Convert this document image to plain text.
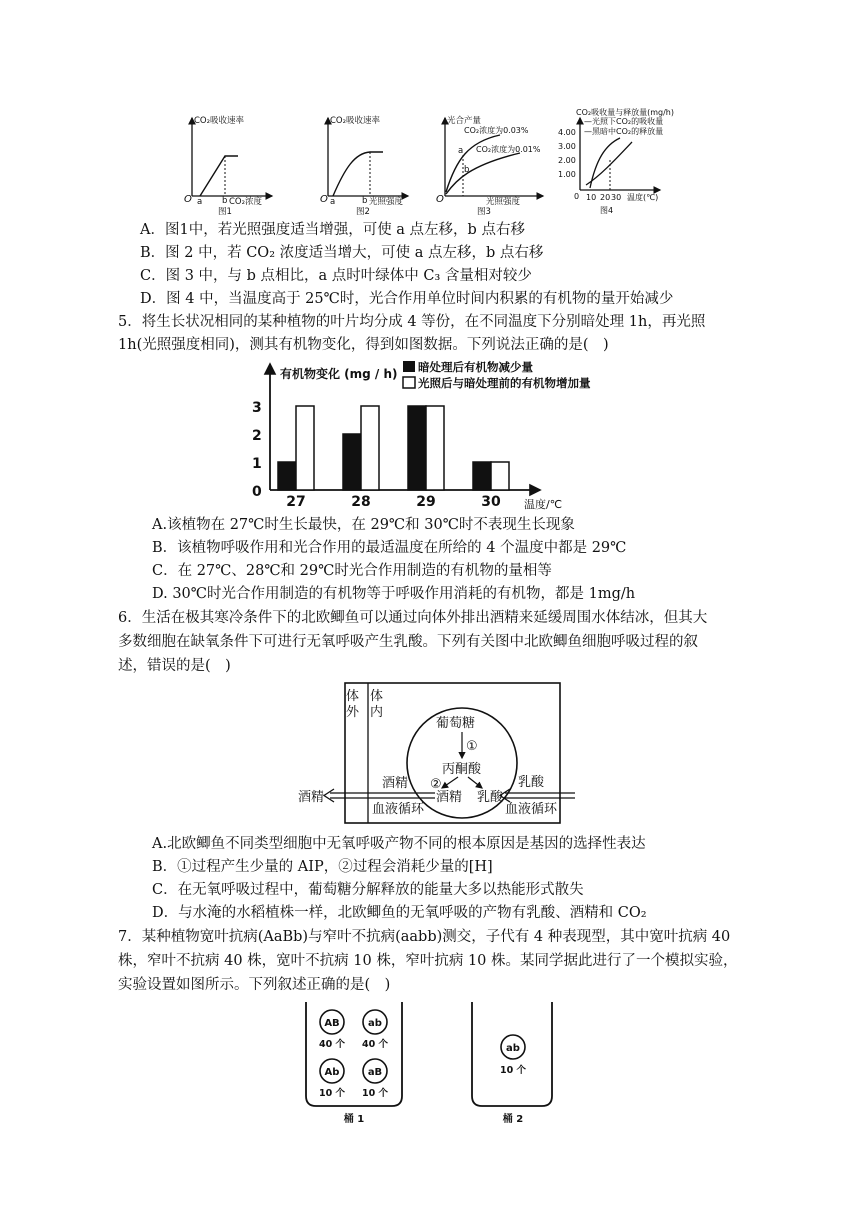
CO₂吸收速率
O a b CO₂浓度
图1
CO₂吸收速率
O a	b 光照强度
图2
光合产量
CO₂浓度为0.03%
CO₂浓度为0.01%
a
b
O	光照强度
图3
CO₂吸收量与释放量(mg/h)
—光照下CO₂的吸收量
—黑暗中CO₂的释放量
4.00
3.00
2.00
1.00
0 10 20 30 温度(℃)
图4
A．图1中，若光照强度适当增强，可使 a 点左移，b 点右移
B．图 2 中，若 CO₂ 浓度适当增大，可使 a 点左移，b 点右移
C．图 3 中，与 b 点相比，a 点时叶绿体中 C₃ 含量相对较少
D．图 4 中，当温度高于 25℃时，光合作用单位时间内积累的有机物的量开始减少
5．将生长状况相同的某种植物的叶片均分成 4 等份，在不同温度下分别暗处理 1h，再光照
1h(光照强度相同)，测其有机物变化，得到如图数据。下列说法正确的是(　)
有机物变化 (mg / h)
温度/℃
暗处理后有机物减少量
光照后与暗处理前的有机物增加量
3
2
1
0
27	28	29	30
A.该植物在 27℃时生长最快，在 29℃和 30℃时不表现生长现象
B．该植物呼吸作用和光合作用的最适温度在所给的 4 个温度中都是 29℃
C．在 27℃、28℃和 29℃时光合作用制造的有机物的量相等
D. 30℃时光合作用制造的有机物等于呼吸作用消耗的有机物，都是 1mg/h
6．生活在极其寒冷条件下的北欧鲫鱼可以通过向体外排出酒精来延缓周围水体结冰，但其大
多数细胞在缺氧条件下可进行无氧呼吸产生乳酸。下列有关图中北欧鲫鱼细胞呼吸过程的叙
述，错误的是(　)
体
外
体
内
葡萄糖
①
丙酮酸
②
酒精 乳酸
酒精	乳酸
酒精
血液循环	血液循环
A.北欧鲫鱼不同类型细胞中无氧呼吸产物不同的根本原因是基因的选择性表达
B．①过程产生少量的 AIP，②过程会消耗少量的[H]
C．在无氧呼吸过程中，葡萄糖分解释放的能量大多以热能形式散失
D．与水淹的水稻植株一样，北欧鲫鱼的无氧呼吸的产物有乳酸、酒精和 CO₂
7．某种植物宽叶抗病(AaBb)与窄叶不抗病(aabb)测交，子代有 4 种表现型，其中宽叶抗病 40
株，窄叶不抗病 40 株，宽叶不抗病 10 株，窄叶抗病 10 株。某同学据此进行了一个模拟实验，
实验设置如图所示。下列叙述正确的是(　)
AB
40 个
ab
40 个
Ab
10 个
aB
10 个
桶 1
ab
10 个
桶 2
